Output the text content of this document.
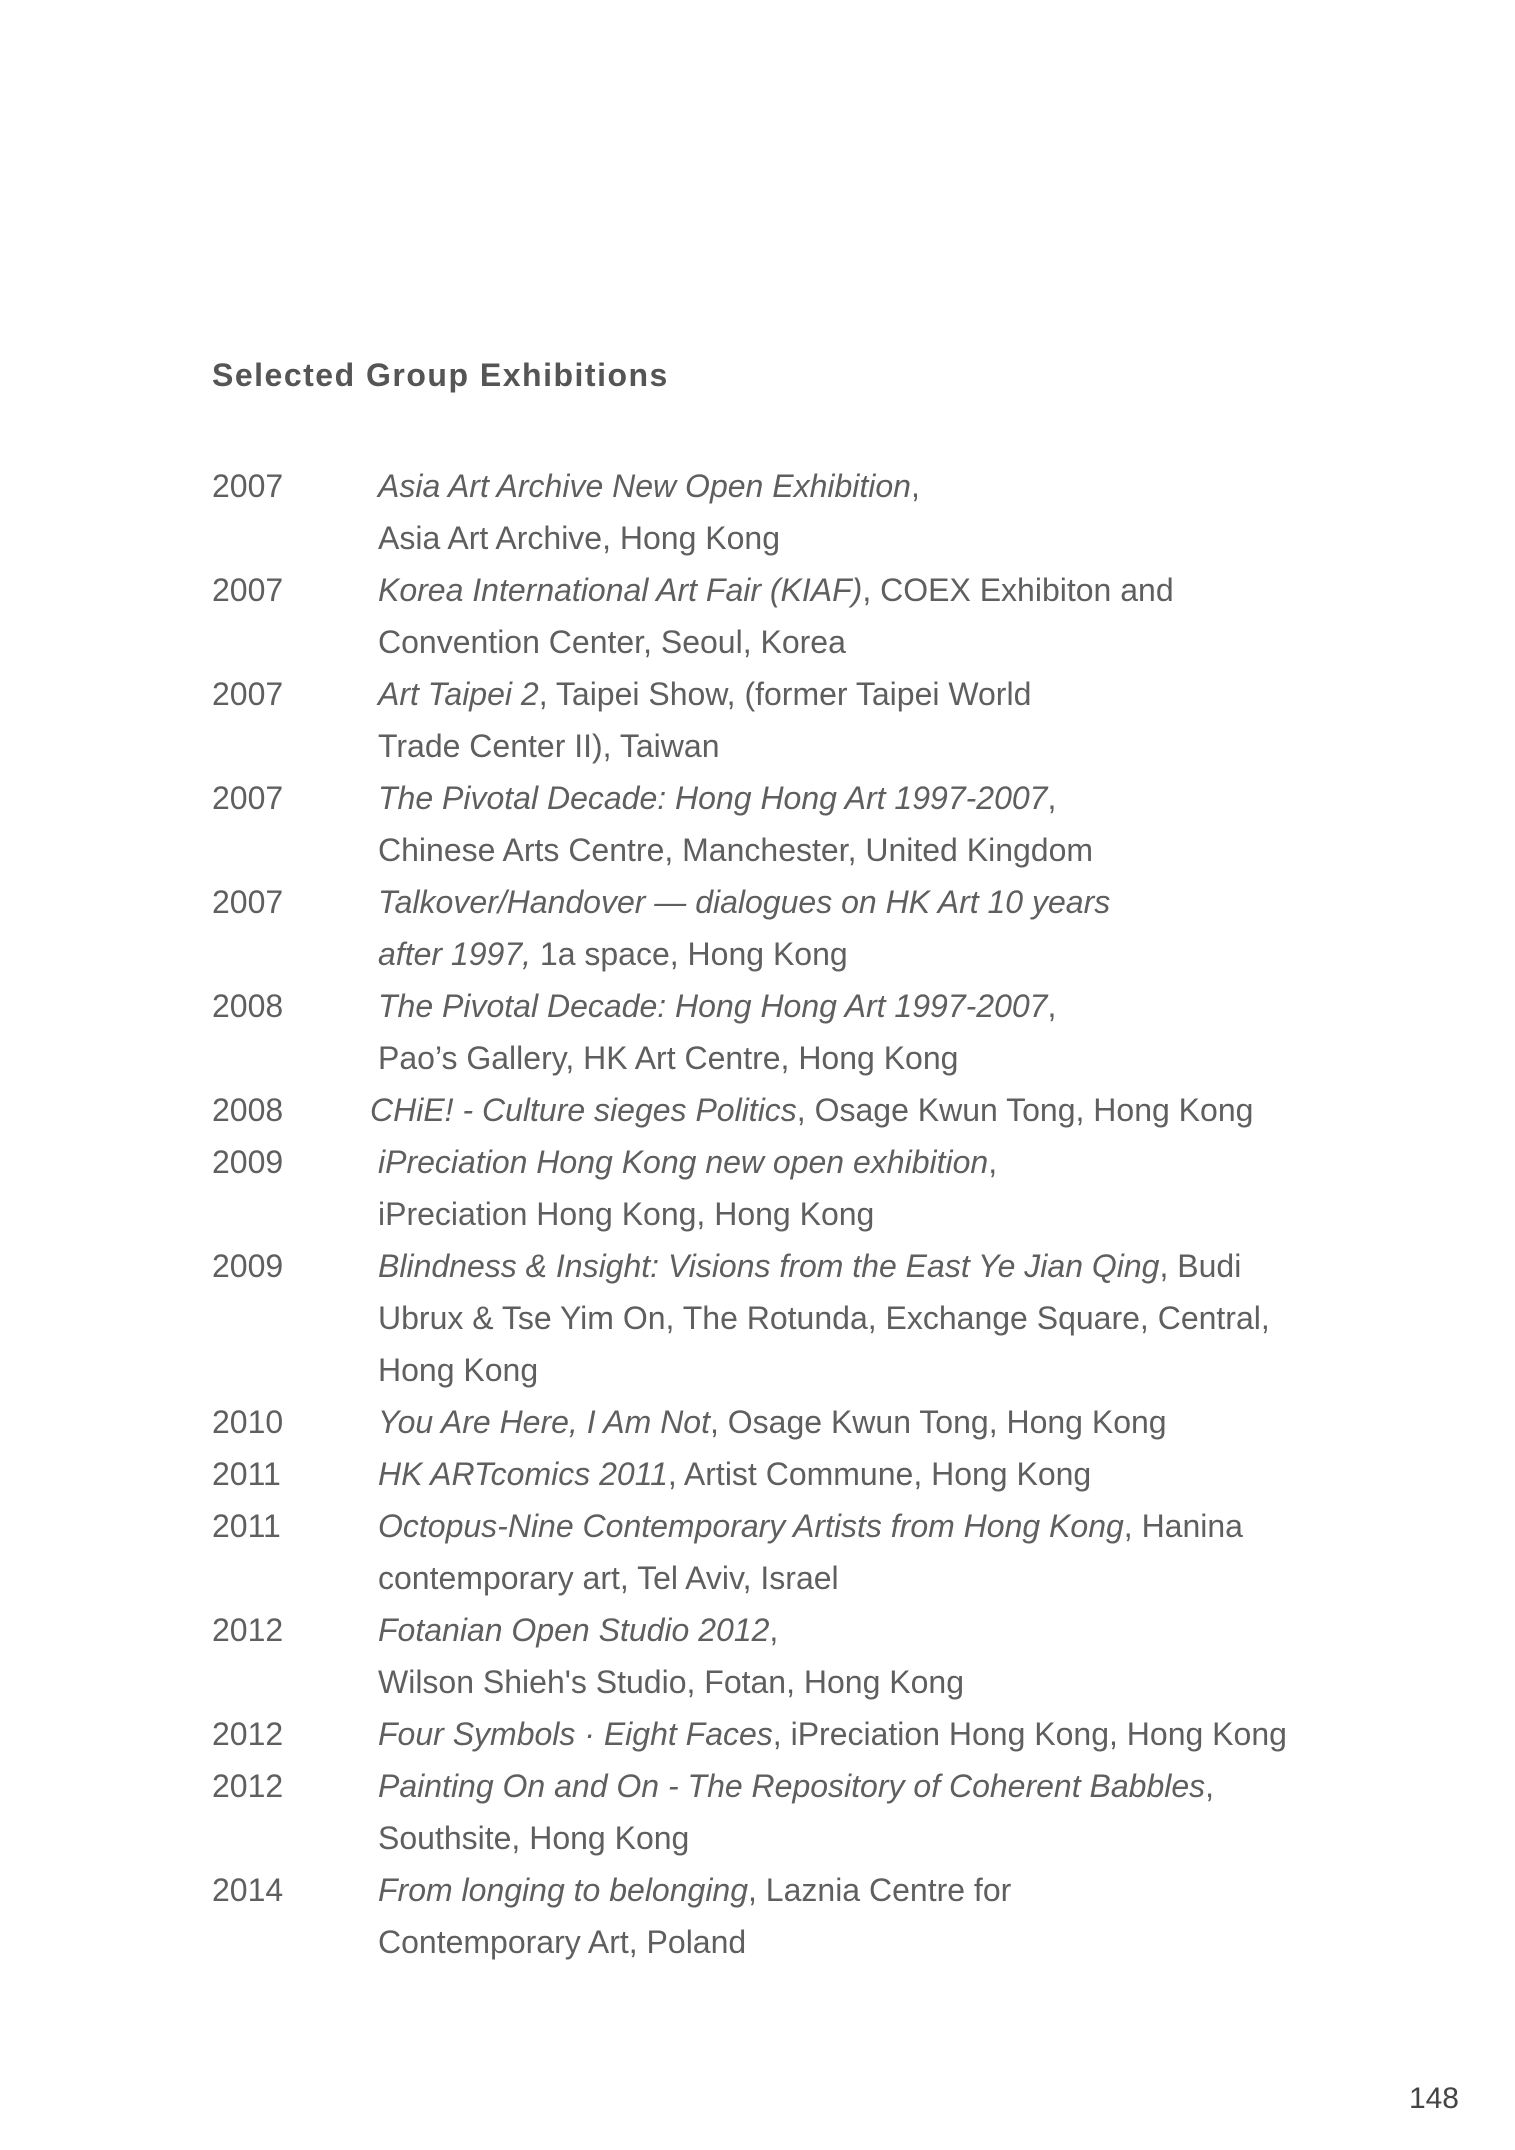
Selected Group Exhibitions
2007	Asia Art Archive New Open Exhibition,
Asia Art Archive, Hong Kong
2007	Korea International Art Fair (KIAF), COEX Exhibiton and
Convention Center, Seoul, Korea
2007	Art Taipei 2, Taipei Show, (former Taipei World
Trade Center II), Taiwan
2007	The Pivotal Decade: Hong Hong Art 1997-2007,
Chinese Arts Centre, Manchester, United Kingdom
2007	Talkover/Handover — dialogues on HK Art 10 years
after 1997, 1a space, Hong Kong
2008	The Pivotal Decade: Hong Hong Art 1997-2007,
Pao’s Gallery, HK Art Centre, Hong Kong
2008	CHiE! - Culture sieges Politics, Osage Kwun Tong, Hong Kong
2009	iPreciation Hong Kong new open exhibition,
iPreciation Hong Kong, Hong Kong
2009	Blindness & Insight: Visions from the East Ye Jian Qing, Budi
Ubrux & Tse Yim On, The Rotunda, Exchange Square, Central,
Hong Kong
2010	You Are Here, I Am Not, Osage Kwun Tong, Hong Kong
2011	HK ARTcomics 2011, Artist Commune, Hong Kong
2011	Octopus-Nine Contemporary Artists from Hong Kong, Hanina
contemporary art, Tel Aviv, Israel
2012	Fotanian Open Studio 2012,
Wilson Shieh's Studio, Fotan, Hong Kong
2012	Four Symbols · Eight Faces, iPreciation Hong Kong, Hong Kong
2012	Painting On and On - The Repository of Coherent Babbles,
Southsite, Hong Kong
2014	From longing to belonging, Laznia Centre for
Contemporary Art, Poland
148
